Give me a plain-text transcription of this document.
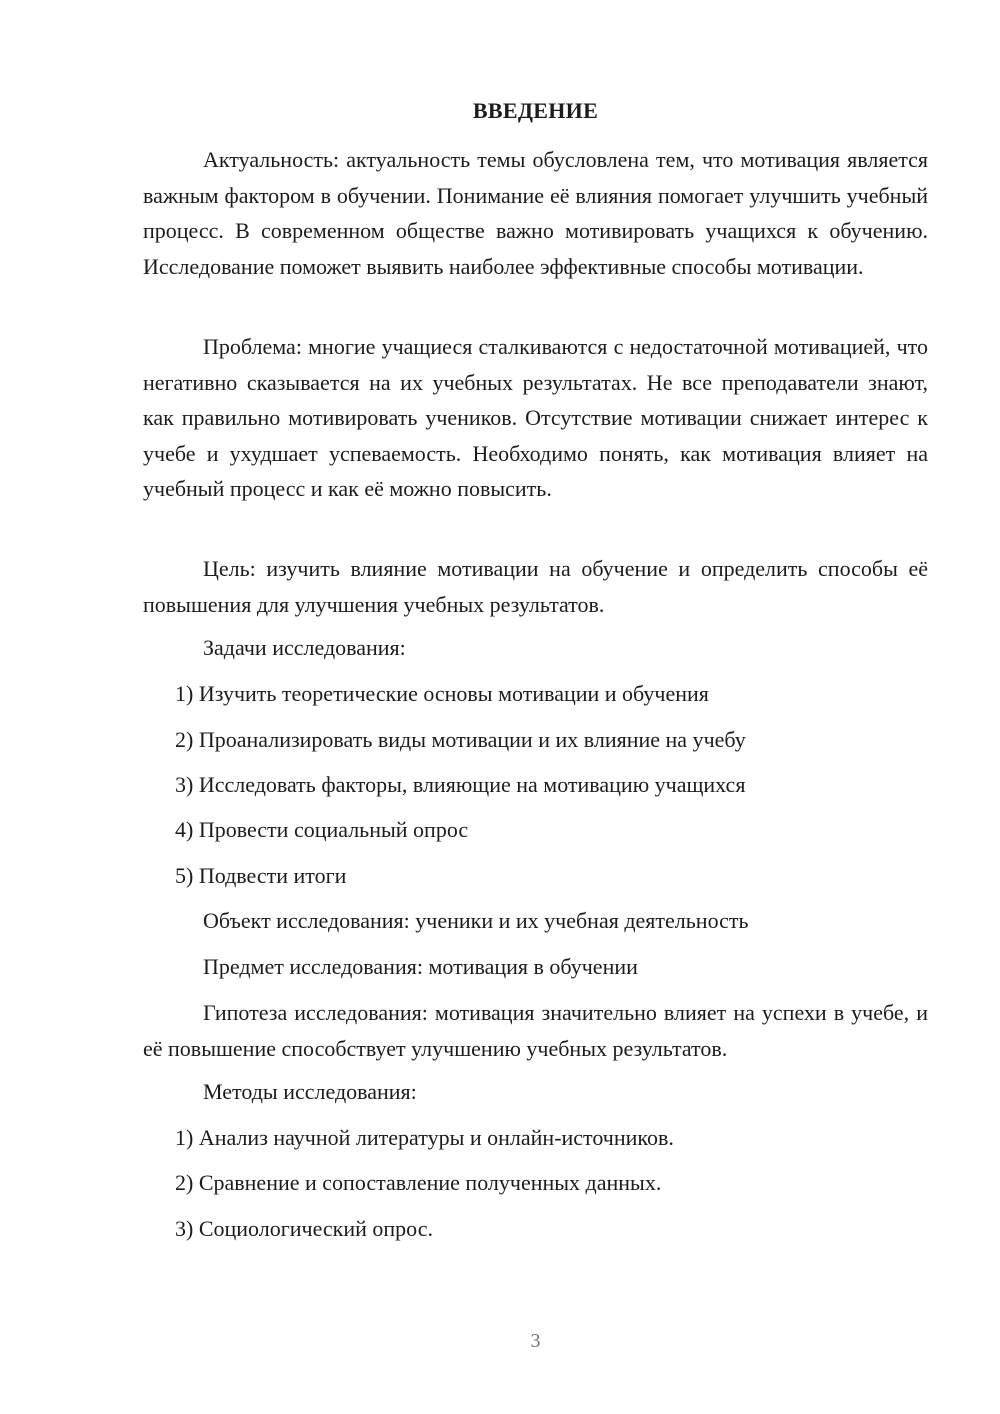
ВВЕДЕНИЕ

Актуальность: актуальность темы обусловлена тем, что мотивация является важным фактором в обучении. Понимание её влияния помогает улучшить учебный процесс. В современном обществе важно мотивировать учащихся к обучению. Исследование поможет выявить наиболее эффективные способы мотивации.

Проблема: многие учащиеся сталкиваются с недостаточной мотивацией, что негативно сказывается на их учебных результатах. Не все преподаватели знают, как правильно мотивировать учеников. Отсутствие мотивации снижает интерес к учебе и ухудшает успеваемость. Необходимо понять, как мотивация влияет на учебный процесс и как её можно повысить.

Цель: изучить влияние мотивации на обучение и определить способы её повышения для улучшения учебных результатов.

Задачи исследования:

1) Изучить теоретические основы мотивации и обучения

2) Проанализировать виды мотивации и их влияние на учебу

3) Исследовать факторы, влияющие на мотивацию учащихся

4) Провести социальный опрос

5) Подвести итоги

Объект исследования: ученики и их учебная деятельность

Предмет исследования: мотивация в обучении

Гипотеза исследования: мотивация значительно влияет на успехи в учебе, и её повышение способствует улучшению учебных результатов.

Методы исследования:

1) Анализ научной литературы и онлайн-источников.

2) Сравнение и сопоставление полученных данных.

3) Социологический опрос.

3
